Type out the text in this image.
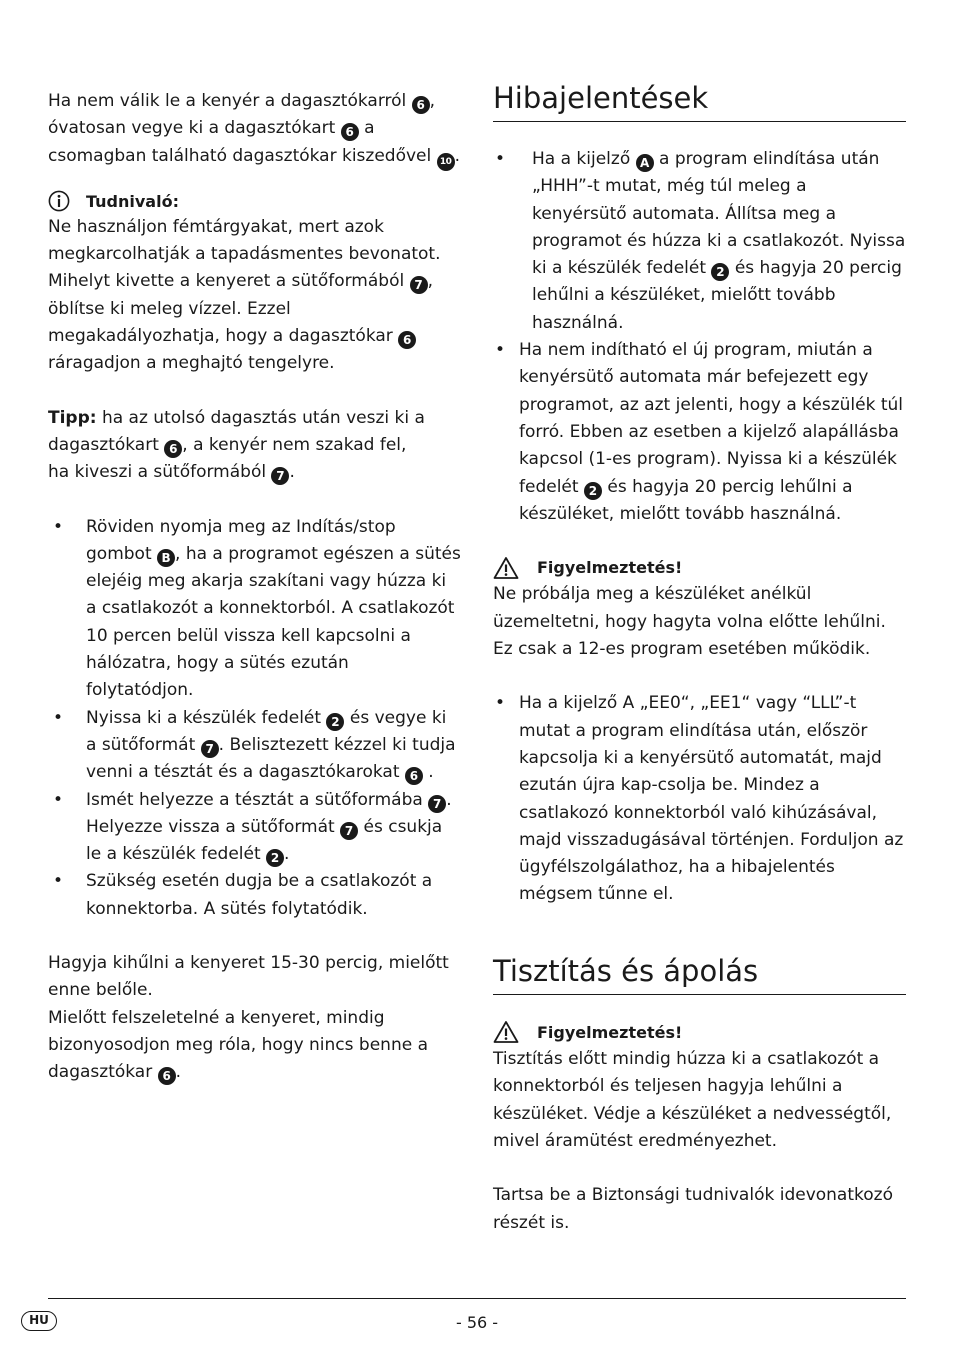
Ha nem válik le a kenyér a dagasztókarról 6 , óvatosan vegye ki a dagasztókart 6 a csomagban található dagasztókar kiszedővel 10 .

Tudnivaló:

Ne használjon fémtárgyakat, mert azok megkarcolhatják a tapadásmentes bevonatot.

Mihelyt kivette a kenyeret a sütőformából 7 , öblítse ki meleg vízzel. Ezzel megakadályozhatja, hogy a dagasztókar 6ráragadjon a meghajtó tengelyre.

Tipp: ha az utolsó dagasztás után veszi ki a dagasztókart 6 , a kenyér nem szakad fel,
ha kiveszi a sütőformából 7 .

• Röviden nyomja meg az Indítás/stop gombot B , ha a programot egészen a sütés elejéig meg akarja szakítani vagy húzza ki a csatlakozót a konnektorból. A csatlakozót 10 percen belül vissza kell kapcsolni a hálózatra, hogy a sütés ezután folytatódjon.
• Nyissa ki a készülék fedelét 2 és vegye ki a sütőformát 7 . Belisztezett kézzel ki tudja venni a tésztát és a dagasztókarokat 6 .
• Ismét helyezze a tésztát a sütőformába 7 . Helyezze vissza a sütőformát 7 és csukja le a készülék fedelét 2 .
• Szükség esetén dugja be a csatlakozót a konnektorba. A sütés folytatódik.

Hagyja kihűlni a kenyeret 15-30 percig, mielőtt enne belőle.

Mielőtt felszeletelné a kenyeret, mindig bizonyosodjon meg róla, hogy nincs benne a dagasztókar 6 .

Hibajelentések
• Ha a kijelző A a program elindítása után „HHH”-t mutat, még túl meleg a kenyérsütő automata. Állítsa meg a programot és húzza ki a csatlakozót. Nyissa ki a készülék fedelét 2 és hagyja 20 percig lehűlni a készüléket, mielőtt tovább használná.
• Ha nem indítható el új program, miután a kenyérsütő automata már befejezett egy programot, az azt jelenti, hogy a készülék túl forró. Ebben az esetben a kijelző alapállásba kapcsol (1-es program). Nyissa ki a készülék fedelét 2 és hagyja 20 percig lehűlni a készüléket, mielőtt tovább használná.
Figyelmeztetés!

Ne próbálja meg a készüléket anélkül üzemeltetni, hogy hagyta volna előtte lehűlni. Ez csak a 12-es program esetében működik.

• Ha a kijelző A „EE0“, „EE1“ vagy “LLL”-t mutat a program elindítása után, először kapcsolja ki a kenyérsütő automatát, majd ezután újra kap-csolja be. Mindez a csatlakozó konnektorból való kihúzásával, majd visszadugásával történjen. Forduljon az ügyfélszolgálathoz, ha a hibajelentés mégsem tűnne el.
Tisztítás és ápolás
Figyelmeztetés!

Tisztítás előtt mindig húzza ki a csatlakozót a konnektorból és teljesen hagyja lehűlni a készüléket. Védje a készüléket a nedvességtől, mivel áramütést eredményezhet.

Tartsa be a Biztonsági tudnivalók idevonatkozó részét is.

HU	- 56 -
